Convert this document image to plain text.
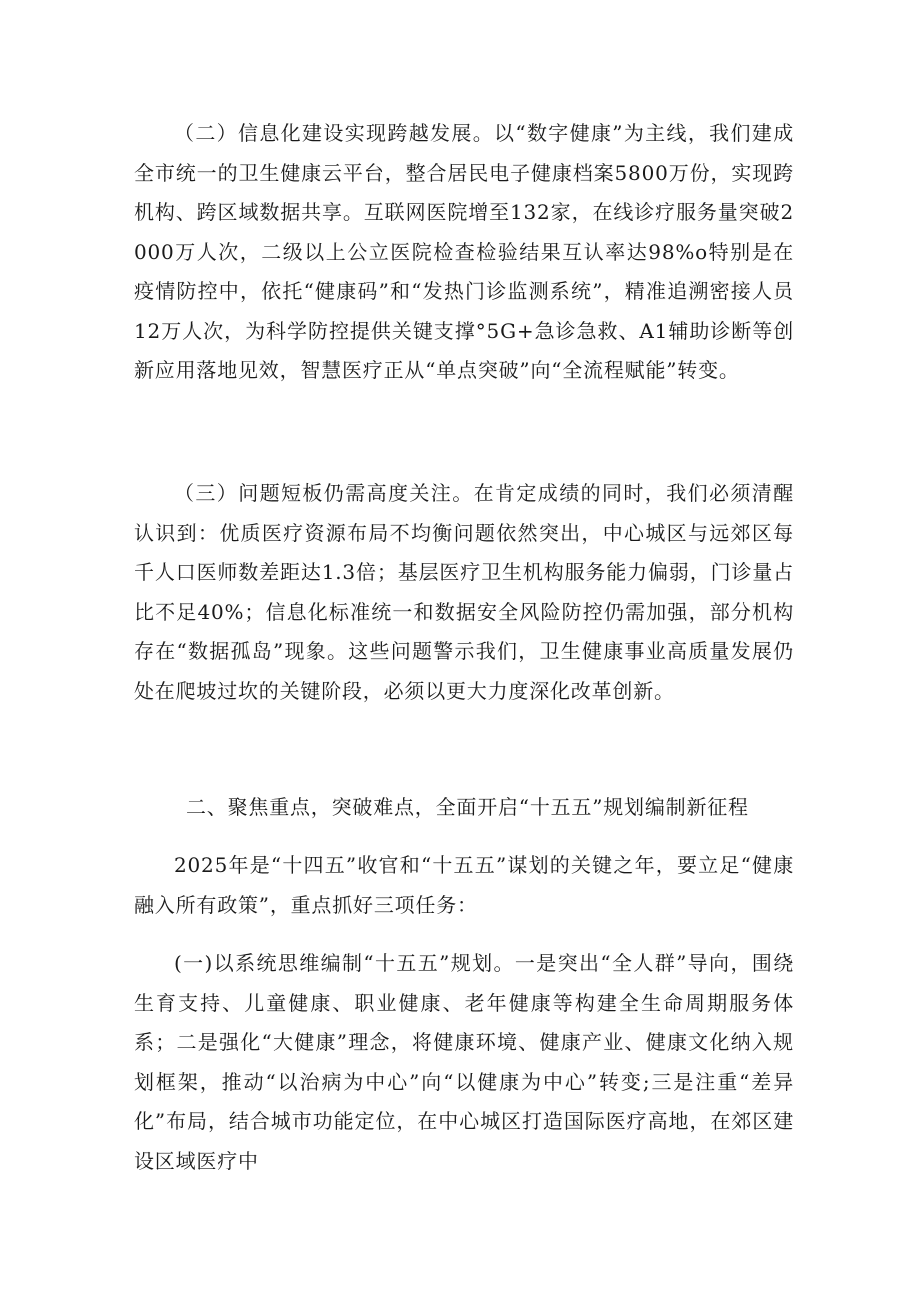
（二）信息化建设实现跨越发展。以“数字健康”为主线，我们建成全市统一的卫生健康云平台，整合居民电子健康档案5800万份，实现跨机构、跨区域数据共享。互联网医院增至132家，在线诊疗服务量突破2000万人次，二级以上公立医院检查检验结果互认率达98%o特别是在疫情防控中，依托“健康码”和“发热门诊监测系统”，精准追溯密接人员12万人次，为科学防控提供关键支撑°5G+急诊急救、A1辅助诊断等创新应用落地见效，智慧医疗正从“单点突破”向“全流程赋能”转变。

（三）问题短板仍需高度关注。在肯定成绩的同时，我们必须清醒认识到：优质医疗资源布局不均衡问题依然突出，中心城区与远郊区每千人口医师数差距达1.3倍；基层医疗卫生机构服务能力偏弱，门诊量占比不足40%；信息化标准统一和数据安全风险防控仍需加强，部分机构存在“数据孤岛”现象。这些问题警示我们，卫生健康事业高质量发展仍处在爬坡过坎的关键阶段，必须以更大力度深化改革创新。

二、聚焦重点，突破难点，全面开启“十五五”规划编制新征程

2025年是“十四五”收官和“十五五”谋划的关键之年，要立足“健康融入所有政策”，重点抓好三项任务：

(一)以系统思维编制“十五五”规划。一是突出“全人群”导向，围绕生育支持、儿童健康、职业健康、老年健康等构建全生命周期服务体系；二是强化“大健康”理念，将健康环境、健康产业、健康文化纳入规划框架，推动“以治病为中心”向“以健康为中心”转变;三是注重“差异化”布局，结合城市功能定位，在中心城区打造国际医疗高地，在郊区建设区域医疗中
